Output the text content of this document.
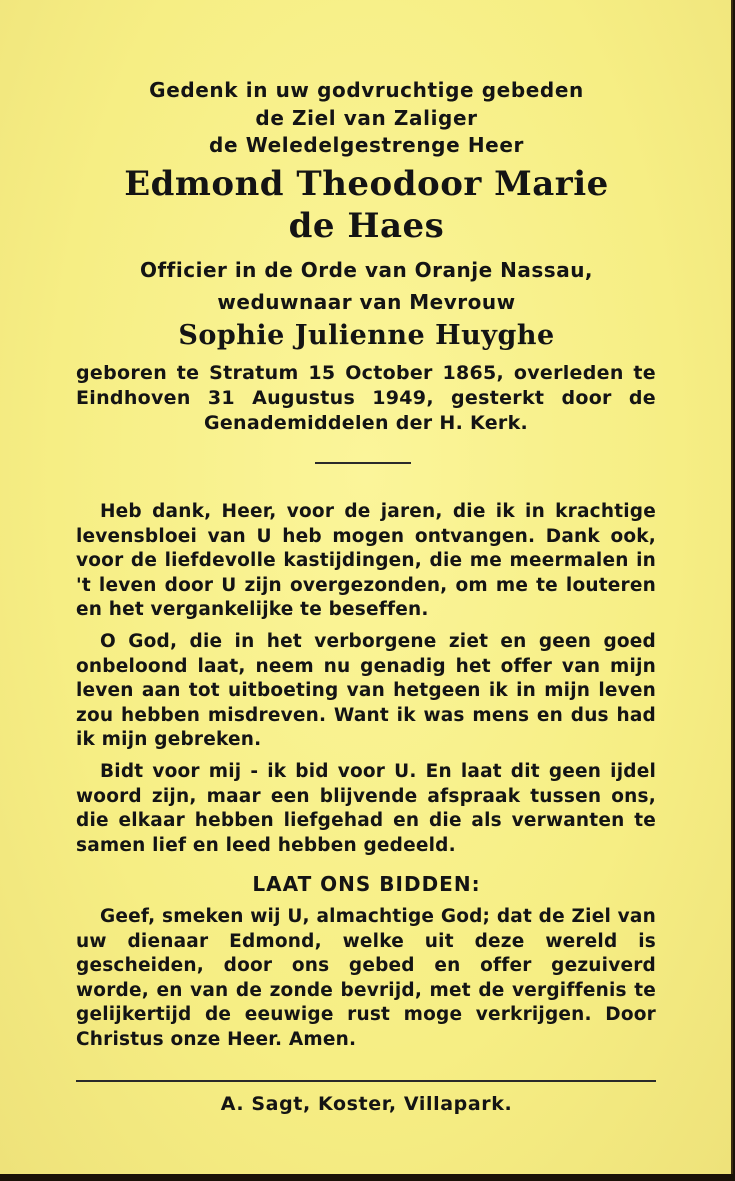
Gedenk in uw godvruchtige gebeden
de Ziel van Zaliger
de Weledelgestrenge Heer
Edmond Theodoor Marie
de Haes
Officier in de Orde van Oranje Nassau,
weduwnaar van Mevrouw
Sophie Julienne Huyghe
geboren te Stratum 15 October 1865, overleden te Eindhoven 31 Augustus 1949, gesterkt door de Genademiddelen der H. Kerk.
Heb dank, Heer, voor de jaren, die ik in krachtige levensbloei van U heb mogen ontvangen. Dank ook, voor de liefdevolle kastijdingen, die me meermalen in 't leven door U zijn overgezonden, om me te louteren en het vergankelijke te beseffen.
O God, die in het verborgene ziet en geen goed onbeloond laat, neem nu genadig het offer van mijn leven aan tot uitboeting van hetgeen ik in mijn leven zou hebben misdreven. Want ik was mens en dus had ik mijn gebreken.
Bidt voor mij - ik bid voor U. En laat dit geen ijdel woord zijn, maar een blijvende afspraak tussen ons, die elkaar hebben liefgehad en die als verwanten te samen lief en leed hebben gedeeld.
LAAT ONS BIDDEN:
Geef, smeken wij U, almachtige God; dat de Ziel van uw dienaar Edmond, welke uit deze wereld is gescheiden, door ons gebed en offer gezuiverd worde, en van de zonde bevrijd, met de vergiffenis te gelijkertijd de eeuwige rust moge verkrijgen. Door Christus onze Heer. Amen.
A. Sagt, Koster, Villapark.
